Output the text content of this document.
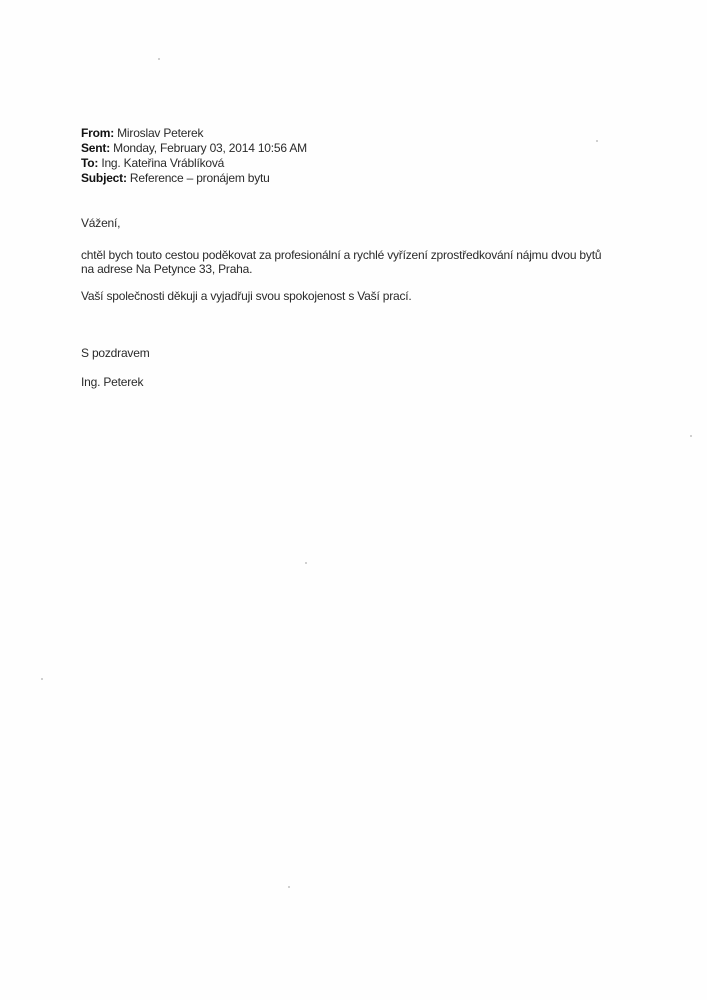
From: Miroslav Peterek
Sent: Monday, February 03, 2014 10:56 AM
To: Ing. Kateřina Vráblíková
Subject: Reference – pronájem bytu
Vážení,
chtěl bych touto cestou poděkovat za profesionální a rychlé vyřízení zprostředkování nájmu dvou bytů
na adrese Na Petynce 33, Praha.
Vaší společnosti děkuji a vyjadřuji svou spokojenost s Vaší prací.
S pozdravem
Ing. Peterek
